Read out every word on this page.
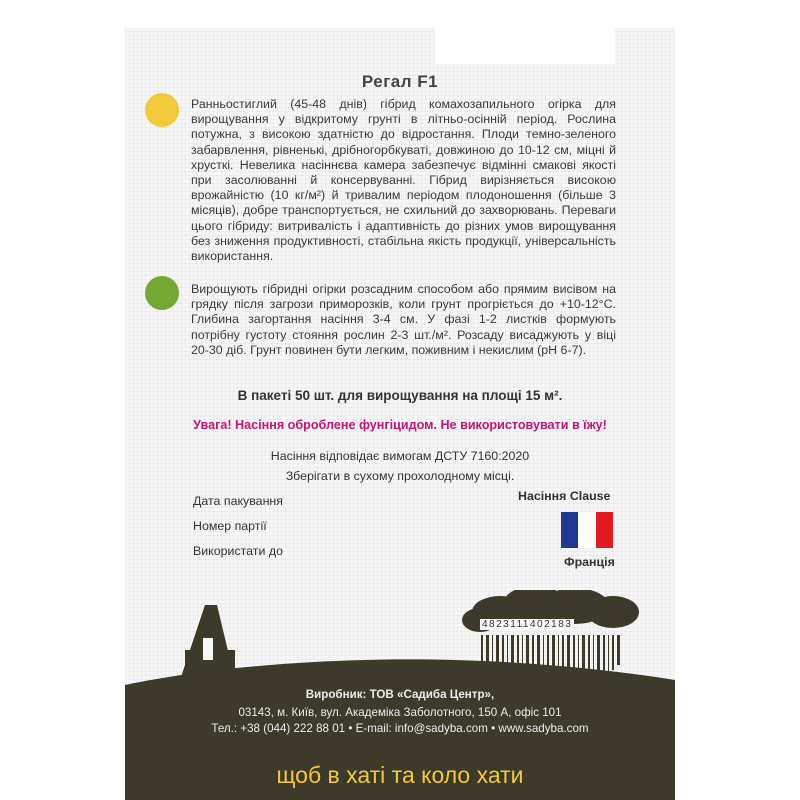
Регал F1
Ранньостиглий (45-48 днів) гібрид комахозапильного огірка для вирощування у відкритому грунті в літньо-осінній період. Рослина потужна, з високою здатністю до відростання. Плоди темно-зеленого забарвлення, рівненькі, дрібногорбкуваті, довжиною до 10-12 см, міцні й хрусткі. Невелика насіннєва камера забезпечує відмінні смакові якості при засолюванні й консервуванні. Гібрид вирізняється високою врожайністю (10 кг/м²) й тривалим періодом плодоношення (більше 3 місяців), добре транспортується, не схильний до захворювань. Переваги цього гібриду: витривалість і адаптивність до різних умов вирощування без зниження продуктивності, стабільна якість продукції, універсальність використання.
Вирощують гібридні огірки розсадним способом або прямим висівом на грядку після загрози приморозків, коли грунт прогріється до +10-12°С. Глибина загортання насіння 3-4 см. У фазі 1-2 листків формують потрібну густоту стояння рослин 2-3 шт./м². Розсаду висаджують у віці 20-30 діб. Грунт повинен бути легким, поживним і некислим (pH 6-7).
В пакеті 50 шт. для вирощування на площі 15 м².
Увага! Насіння оброблене фунгіцидом. Не використовувати в їжу!
Насіння відповідає вимогам ДСТУ 7160:2020
Зберігати в сухому прохолодному місці.
Дата пакування
Номер партії
Використати до
Насіння Clause
Франція
4823111402183
Виробник: ТОВ «Садиба Центр»,
03143, м. Київ, вул. Академіка Заболотного, 150 А, офіс 101
Тел.: +38 (044) 222 88 01 • E-mail: info@sadyba.com • www.sadyba.com
щоб в хаті та коло хати
